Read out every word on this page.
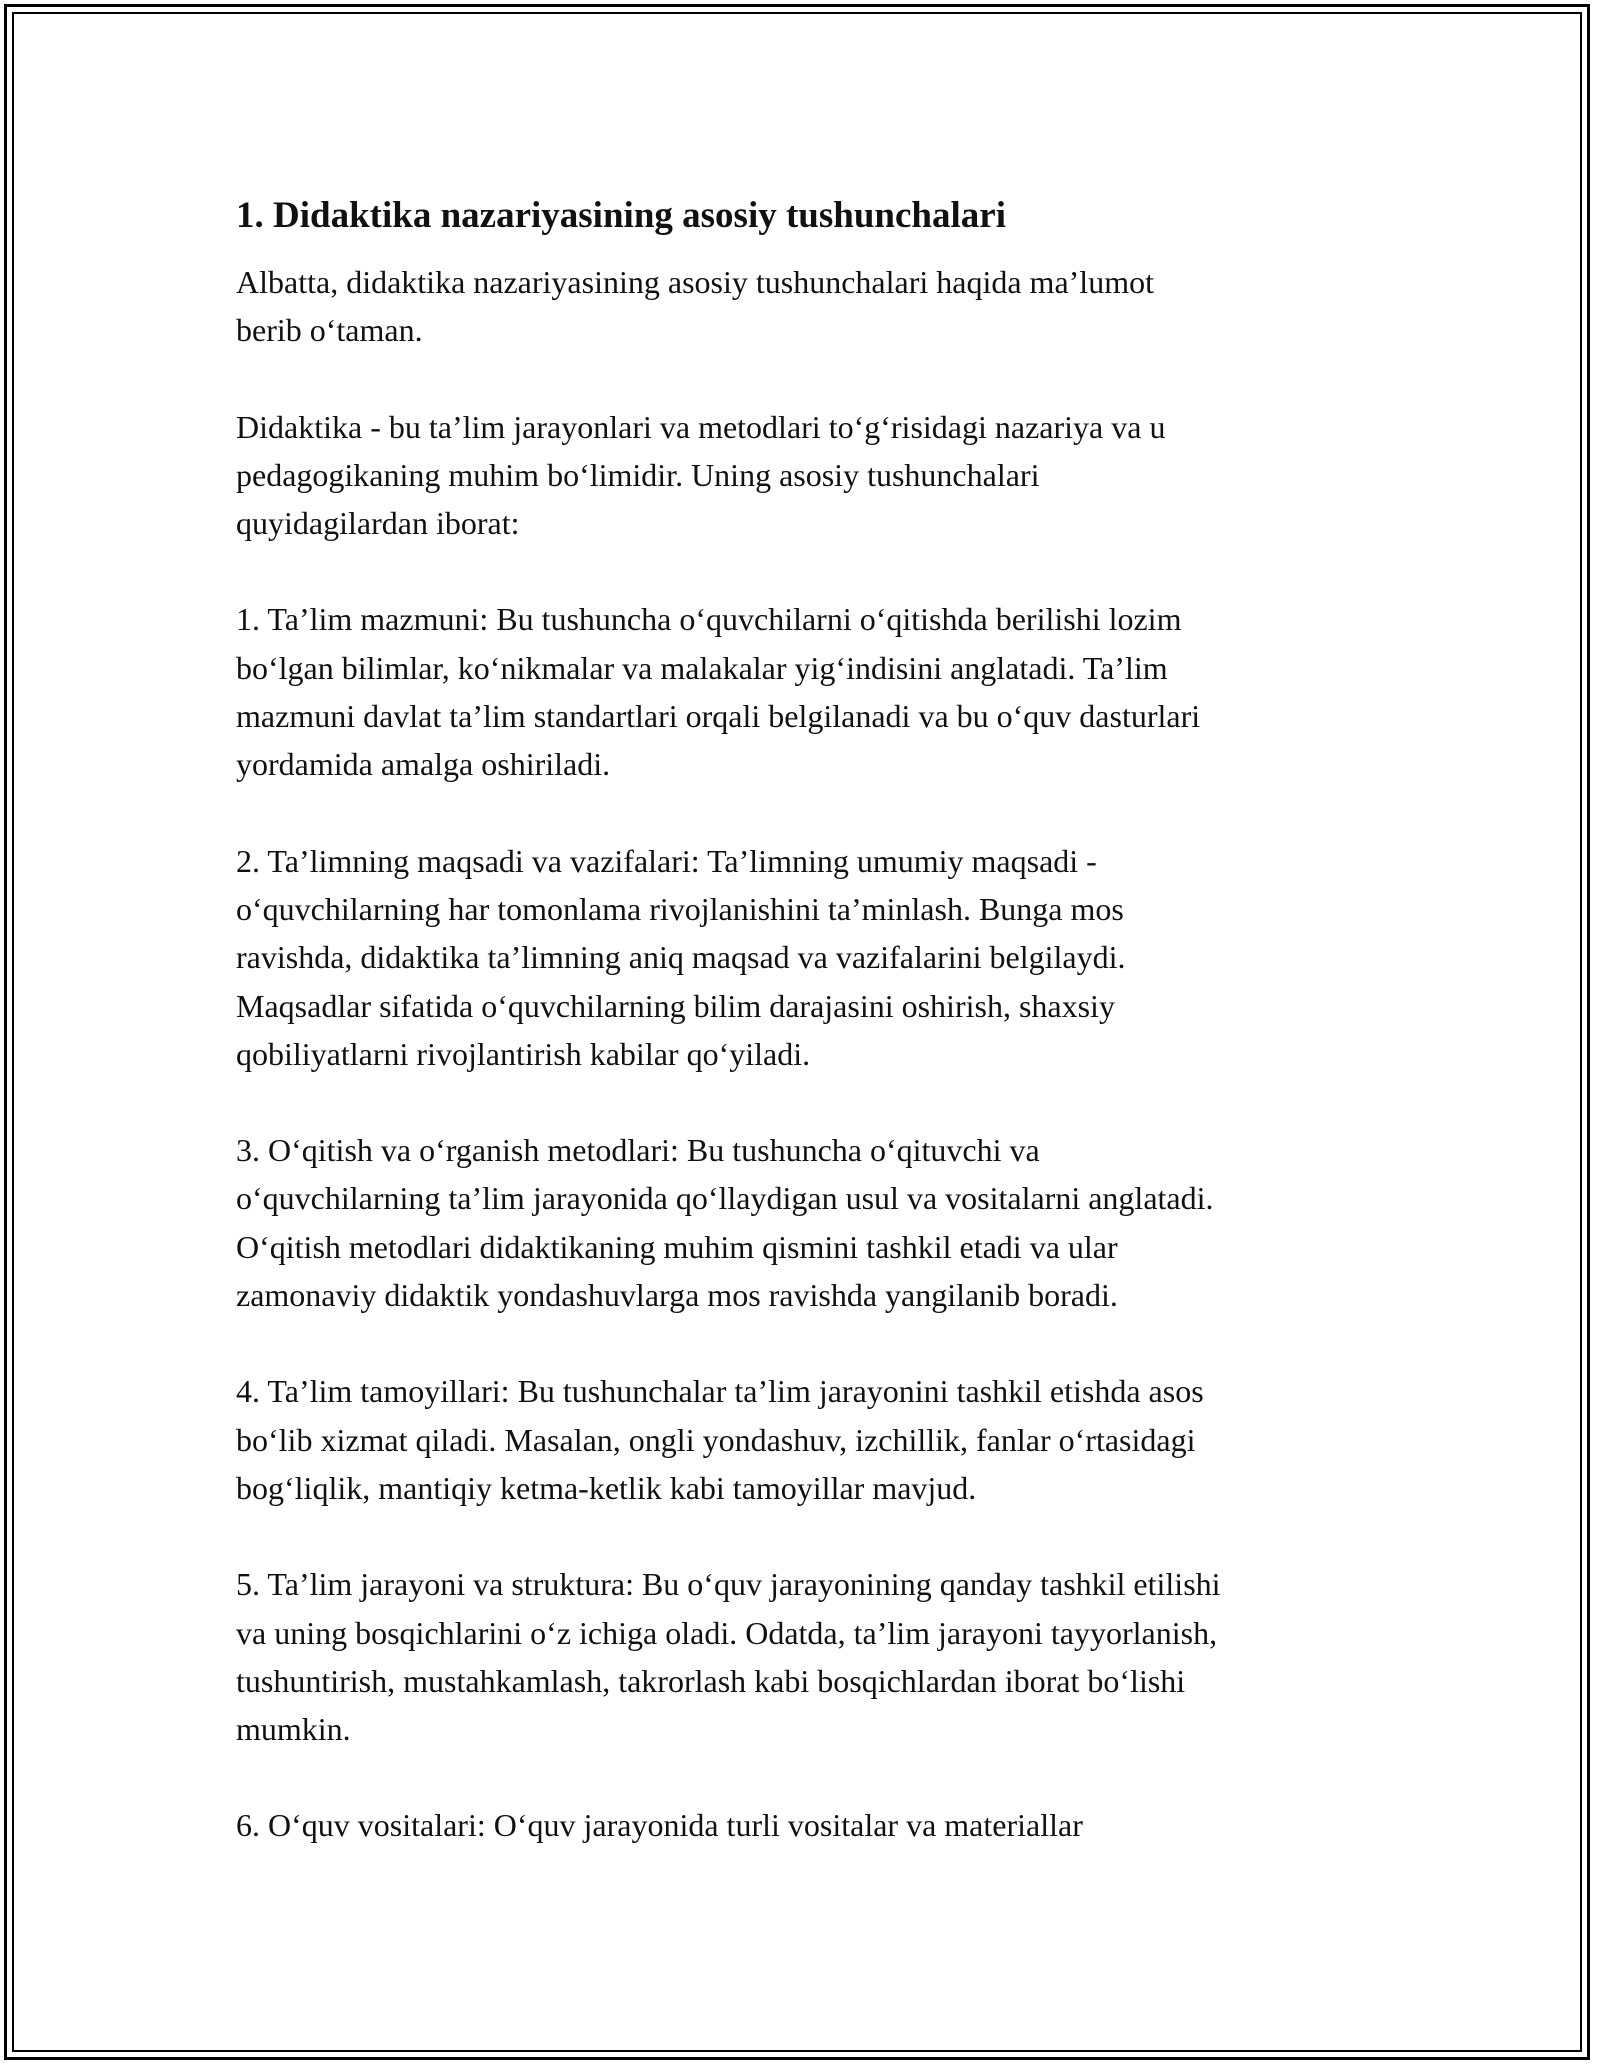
1. Didaktika nazariyasining asosiy tushunchalari

Albatta, didaktika nazariyasining asosiy tushunchalari haqida ma’lumot
berib o‘taman.

Didaktika - bu ta’lim jarayonlari va metodlari to‘g‘risidagi nazariya va u
pedagogikaning muhim bo‘limidir. Uning asosiy tushunchalari
quyidagilardan iborat:

1. Ta’lim mazmuni: Bu tushuncha o‘quvchilarni o‘qitishda berilishi lozim
bo‘lgan bilimlar, ko‘nikmalar va malakalar yig‘indisini anglatadi. Ta’lim
mazmuni davlat ta’lim standartlari orqali belgilanadi va bu o‘quv dasturlari
yordamida amalga oshiriladi.

2. Ta’limning maqsadi va vazifalari: Ta’limning umumiy maqsadi -
o‘quvchilarning har tomonlama rivojlanishini ta’minlash. Bunga mos
ravishda, didaktika ta’limning aniq maqsad va vazifalarini belgilaydi.
Maqsadlar sifatida o‘quvchilarning bilim darajasini oshirish, shaxsiy
qobiliyatlarni rivojlantirish kabilar qo‘yiladi.

3. O‘qitish va o‘rganish metodlari: Bu tushuncha o‘qituvchi va
o‘quvchilarning ta’lim jarayonida qo‘llaydigan usul va vositalarni anglatadi.
O‘qitish metodlari didaktikaning muhim qismini tashkil etadi va ular
zamonaviy didaktik yondashuvlarga mos ravishda yangilanib boradi.

4. Ta’lim tamoyillari: Bu tushunchalar ta’lim jarayonini tashkil etishda asos
bo‘lib xizmat qiladi. Masalan, ongli yondashuv, izchillik, fanlar o‘rtasidagi
bog‘liqlik, mantiqiy ketma-ketlik kabi tamoyillar mavjud.

5. Ta’lim jarayoni va struktura: Bu o‘quv jarayonining qanday tashkil etilishi
va uning bosqichlarini o‘z ichiga oladi. Odatda, ta’lim jarayoni tayyorlanish,
tushuntirish, mustahkamlash, takrorlash kabi bosqichlardan iborat bo‘lishi
mumkin.

6. O‘quv vositalari: O‘quv jarayonida turli vositalar va materiallar
